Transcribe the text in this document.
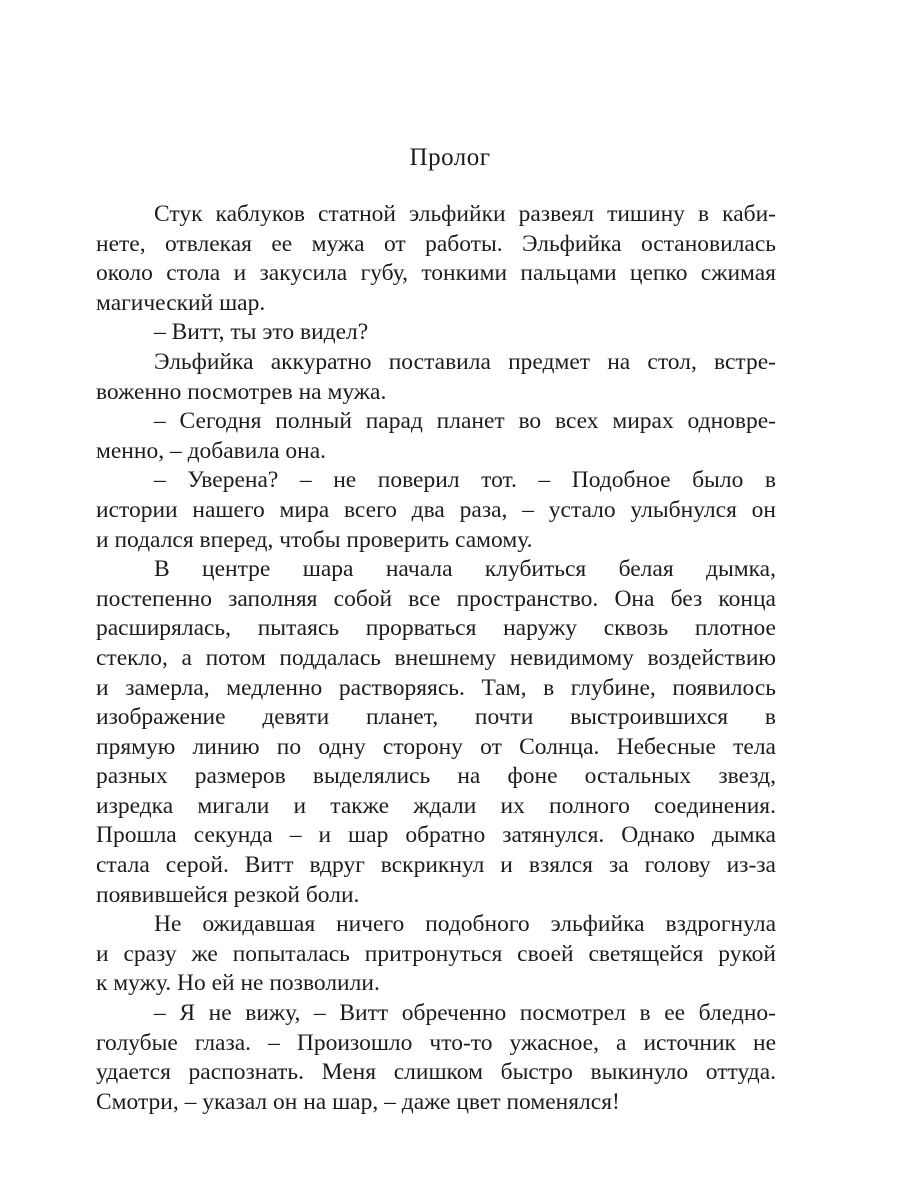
Пролог
Стук каблуков статной эльфийки развеял тишину в каби-
нете, отвлекая ее мужа от работы. Эльфийка остановилась
около стола и закусила губу, тонкими пальцами цепко сжимая
магический шар.
– Витт, ты это видел?
Эльфийка аккуратно поставила предмет на стол, встре-
воженно посмотрев на мужа.
– Сегодня полный парад планет во всех мирах одновре-
менно, – добавила она.
– Уверена? – не поверил тот. – Подобное было в
истории нашего мира всего два раза, – устало улыбнулся он
и подался вперед, чтобы проверить самому.
В центре шара начала клубиться белая дымка,
постепенно заполняя собой все пространство. Она без конца
расширялась, пытаясь прорваться наружу сквозь плотное
стекло, а потом поддалась внешнему невидимому воздействию
и замерла, медленно растворяясь. Там, в глубине, появилось
изображение девяти планет, почти выстроившихся в
прямую линию по одну сторону от Солнца. Небесные тела
разных размеров выделялись на фоне остальных звезд,
изредка мигали и также ждали их полного соединения.
Прошла секунда – и шар обратно затянулся. Однако дымка
стала серой. Витт вдруг вскрикнул и взялся за голову из-за
появившейся резкой боли.
Не ожидавшая ничего подобного эльфийка вздрогнула
и сразу же попыталась притронуться своей светящейся рукой
к мужу. Но ей не позволили.
– Я не вижу, – Витт обреченно посмотрел в ее бледно-
голубые глаза. – Произошло что-то ужасное, а источник не
удается распознать. Меня слишком быстро выкинуло оттуда.
Смотри, – указал он на шар, – даже цвет поменялся!
